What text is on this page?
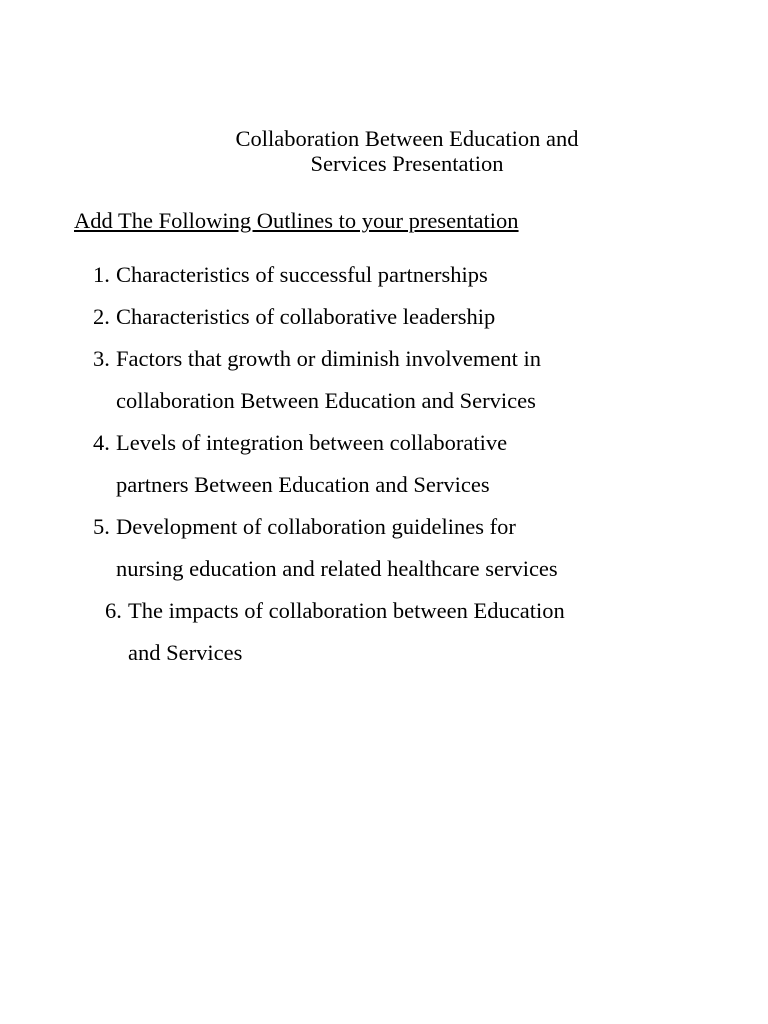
Collaboration Between Education and
Services Presentation

Add The Following Outlines to your presentation

1. Characteristics of successful partnerships
2. Characteristics of collaborative leadership
3. Factors that growth or diminish involvement in
collaboration Between Education and Services
4. Levels of integration between collaborative
partners Between Education and Services
5. Development of collaboration guidelines for
nursing education and related healthcare services
6. The impacts of collaboration between Education
and Services
